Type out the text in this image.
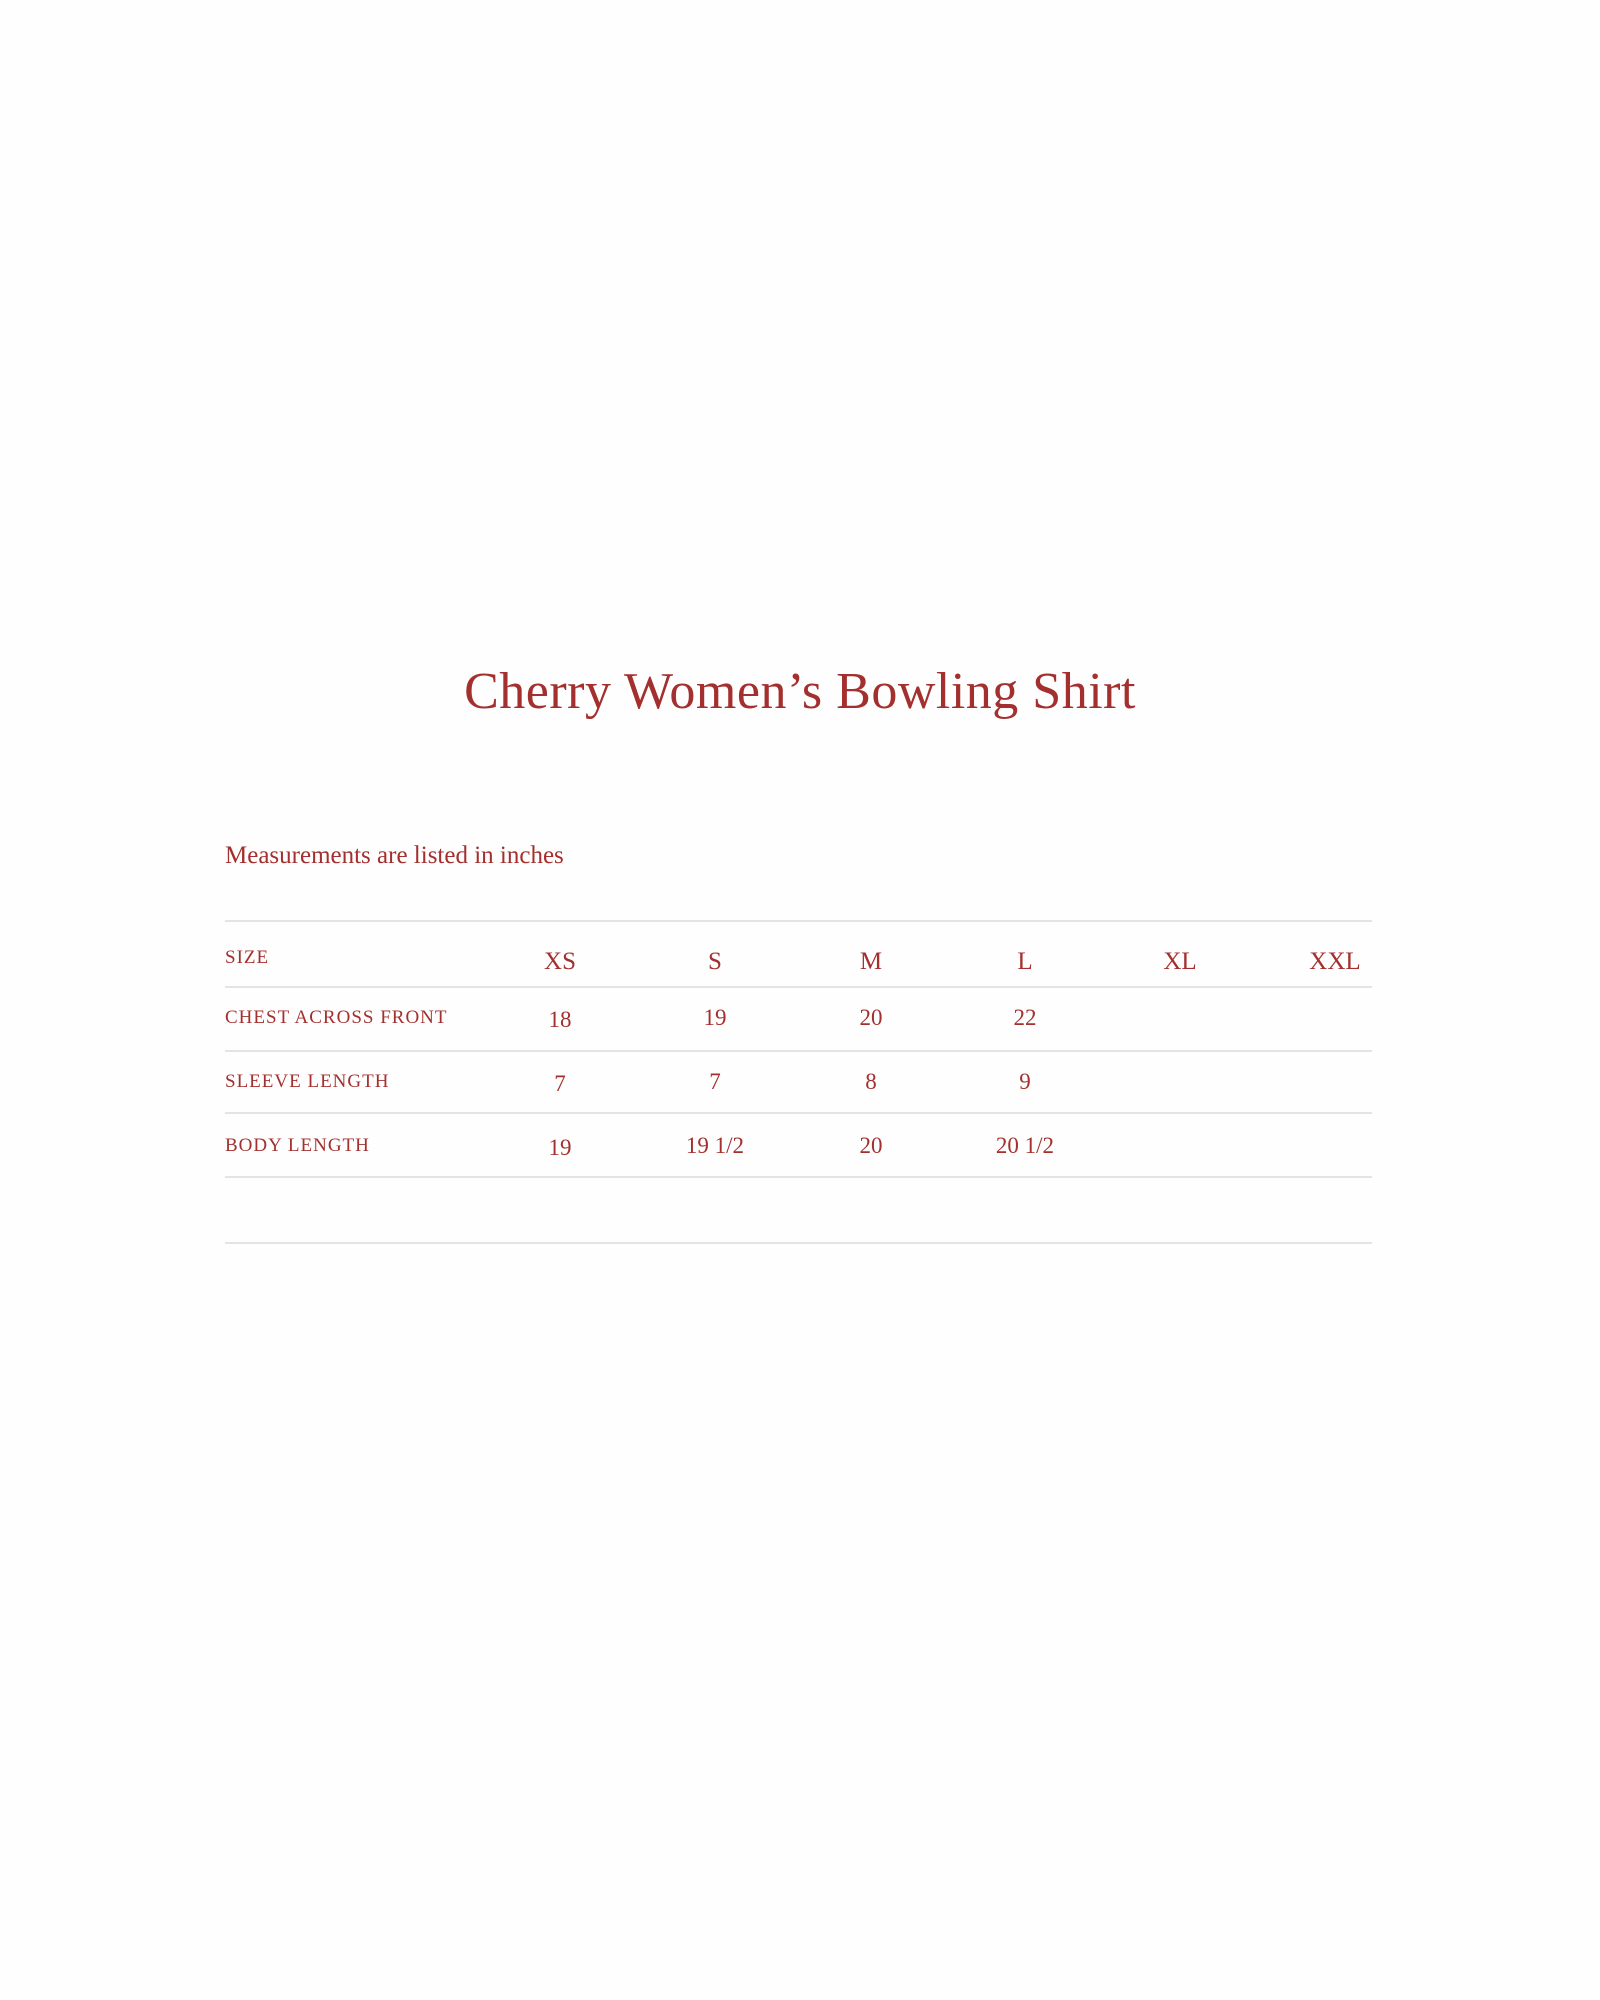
Cherry Women’s Bowling Shirt

Measurements are listed in inches

SIZE	XS	S	M	L	XL	XXL
CHEST ACROSS FRONT	18	19	20	22
SLEEVE LENGTH	7	7	8	9
BODY LENGTH	19	19 1/2	20	20 1/2
